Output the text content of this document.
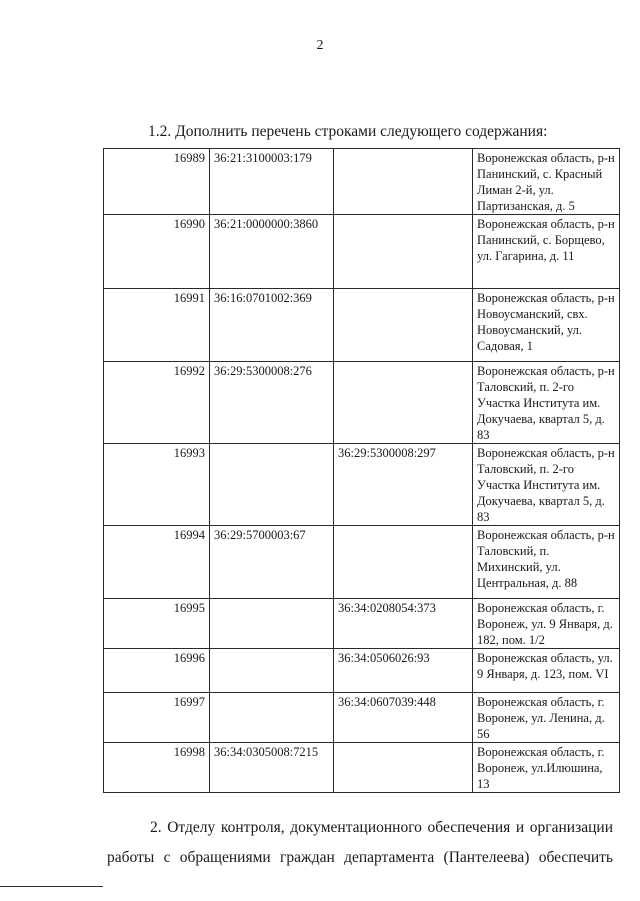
2
1.2. Дополнить перечень строками следующего содержания:
16989	36:21:3100003:179		Воронежская область, р-н Панинский, с. Красный Лиман 2-й, ул. Партизанская, д. 5
16990	36:21:0000000:3860		Воронежская область, р-н Панинский, с. Борщево, ул. Гагарина, д. 11
16991	36:16:0701002:369		Воронежская область, р-н Новоусманский, свх. Новоусманский, ул. Садовая, 1
16992	36:29:5300008:276		Воронежская область, р-н Таловский, п. 2-го Участка Института им. Докучаева, квартал 5, д. 83
16993		36:29:5300008:297	Воронежская область, р-н Таловский, п. 2-го Участка Института им. Докучаева, квартал 5, д. 83
16994	36:29:5700003:67		Воронежская область, р-н Таловский, п. Михинский, ул. Центральная, д. 88
16995		36:34:0208054:373	Воронежская область, г. Воронеж, ул. 9 Января, д. 182, пом. 1/2
16996		36:34:0506026:93	Воронежская область, ул. 9 Января, д. 123, пом. VI
16997		36:34:0607039:448	Воронежская область, г. Воронеж, ул. Ленина, д. 56
16998	36:34:0305008:7215		Воронежская область, г. Воронеж, ул.Илюшина, 13
2. Отделу контроля, документационного обеспечения и организации
работы с обращениями граждан департамента (Пантелеева) обеспечить
